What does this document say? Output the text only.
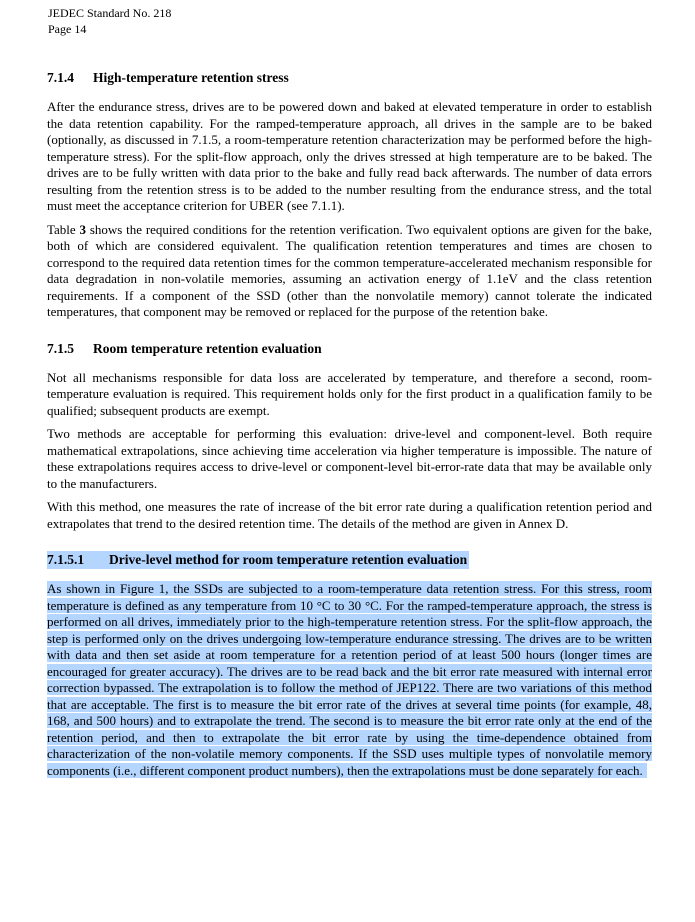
JEDEC Standard No. 218
Page 14
7.1.4	High-temperature retention stress

After the endurance stress, drives are to be powered down and baked at elevated temperature in order to establish the data retention capability. For the ramped-temperature approach, all drives in the sample are to be baked (optionally, as discussed in 7.1.5, a room-temperature retention characterization may be performed before the high-temperature stress). For the split-flow approach, only the drives stressed at high temperature are to be baked. The drives are to be fully written with data prior to the bake and fully read back afterwards. The number of data errors resulting from the retention stress is to be added to the number resulting from the endurance stress, and the total must meet the acceptance criterion for UBER (see 7.1.1).

Table 3 shows the required conditions for the retention verification. Two equivalent options are given for the bake, both of which are considered equivalent. The qualification retention temperatures and times are chosen to correspond to the required data retention times for the common temperature-accelerated mechanism responsible for data degradation in non-volatile memories, assuming an activation energy of 1.1eV and the class retention requirements. If a component of the SSD (other than the nonvolatile memory) cannot tolerate the indicated temperatures, that component may be removed or replaced for the purpose of the retention bake.

7.1.5	Room temperature retention evaluation

Not all mechanisms responsible for data loss are accelerated by temperature, and therefore a second, room-temperature evaluation is required. This requirement holds only for the first product in a qualification family to be qualified; subsequent products are exempt.

Two methods are acceptable for performing this evaluation: drive-level and component-level. Both require mathematical extrapolations, since achieving time acceleration via higher temperature is impossible. The nature of these extrapolations requires access to drive-level or component-level bit-error-rate data that may be available only to the manufacturers.

With this method, one measures the rate of increase of the bit error rate during a qualification retention period and extrapolates that trend to the desired retention time. The details of the method are given in Annex D.

7.1.5.1	Drive-level method for room temperature retention evaluation

As shown in Figure 1, the SSDs are subjected to a room-temperature data retention stress. For this stress, room temperature is defined as any temperature from 10 °C to 30 °C. For the ramped-temperature approach, the stress is performed on all drives, immediately prior to the high-temperature retention stress. For the split-flow approach, the step is performed only on the drives undergoing low-temperature endurance stressing. The drives are to be written with data and then set aside at room temperature for a retention period of at least 500 hours (longer times are encouraged for greater accuracy). The drives are to be read back and the bit error rate measured with internal error correction bypassed. The extrapolation is to follow the method of JEP122. There are two variations of this method that are acceptable. The first is to measure the bit error rate of the drives at several time points (for example, 48, 168, and 500 hours) and to extrapolate the trend. The second is to measure the bit error rate only at the end of the retention period, and then to extrapolate the bit error rate by using the time-dependence obtained from characterization of the non-volatile memory components. If the SSD uses multiple types of nonvolatile memory components (i.e., different component product numbers), then the extrapolations must be done separately for each.
